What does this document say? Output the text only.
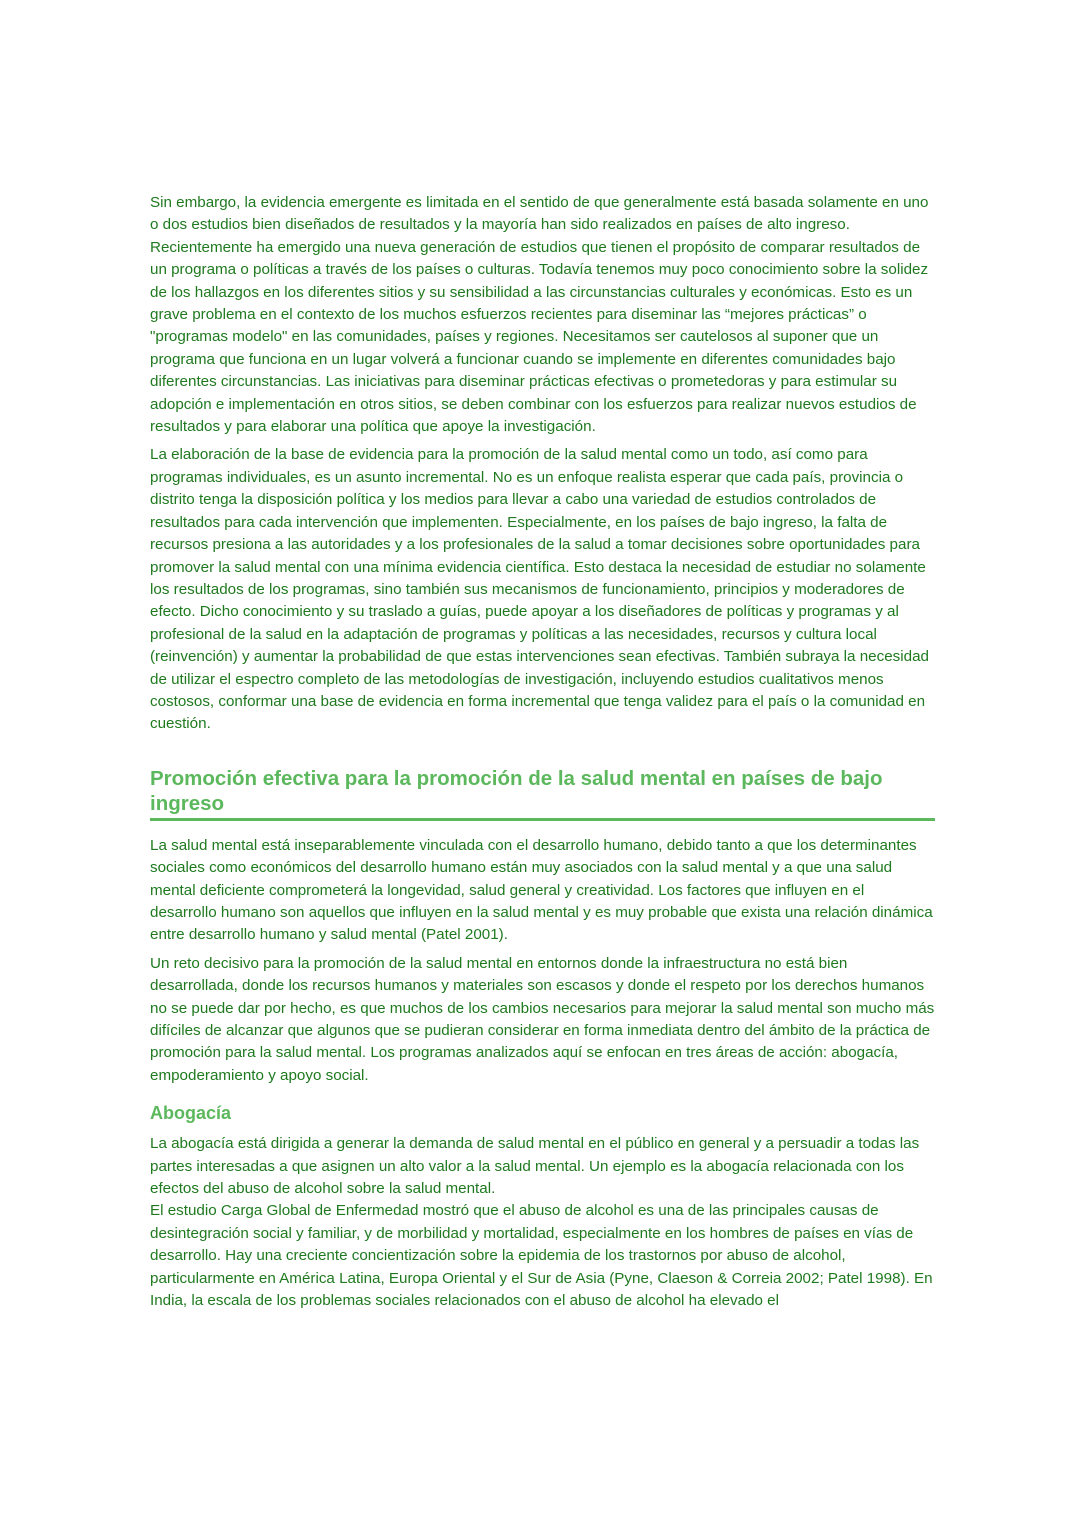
Sin embargo, la evidencia emergente es limitada en el sentido de que generalmente está basada solamente en uno o dos estudios bien diseñados de resultados y la mayoría han sido realizados en países de alto ingreso. Recientemente ha emergido una nueva generación de estudios que tienen el propósito de comparar resultados de un programa o políticas a través de los países o culturas. Todavía tenemos muy poco conocimiento sobre la solidez de los hallazgos en los diferentes sitios y su sensibilidad a las circunstancias culturales y económicas. Esto es un grave problema en el contexto de los muchos esfuerzos recientes para diseminar las “mejores prácticas” o "programas modelo" en las comunidades, países y regiones. Necesitamos ser cautelosos al suponer que un programa que funciona en un lugar volverá a funcionar cuando se implemente en diferentes comunidades bajo diferentes circunstancias. Las iniciativas para diseminar prácticas efectivas o prometedoras y para estimular su adopción e implementación en otros sitios, se deben combinar con los esfuerzos para realizar nuevos estudios de resultados y para elaborar una política que apoye la investigación.

La elaboración de la base de evidencia para la promoción de la salud mental como un todo, así como para programas individuales, es un asunto incremental. No es un enfoque realista esperar que cada país, provincia o distrito tenga la disposición política y los medios para llevar a cabo una variedad de estudios controlados de resultados para cada intervención que implementen. Especialmente, en los países de bajo ingreso, la falta de recursos presiona a las autoridades y a los profesionales de la salud a tomar decisiones sobre oportunidades para promover la salud mental con una mínima evidencia científica. Esto destaca la necesidad de estudiar no solamente los resultados de los programas, sino también sus mecanismos de funcionamiento, principios y moderadores de efecto. Dicho conocimiento y su traslado a guías, puede apoyar a los diseñadores de políticas y programas y al profesional de la salud en la adaptación de programas y políticas a las necesidades, recursos y cultura local (reinvención) y aumentar la probabilidad de que estas intervenciones sean efectivas. También subraya la necesidad de utilizar el espectro completo de las metodologías de investigación, incluyendo estudios cualitativos menos costosos, conformar una base de evidencia en forma incremental que tenga validez para el país o la comunidad en cuestión.

Promoción efectiva para la promoción de la salud mental en países de bajo ingreso

La salud mental está inseparablemente vinculada con el desarrollo humano, debido tanto a que los determinantes sociales como económicos del desarrollo humano están muy asociados con la salud mental y a que una salud mental deficiente comprometerá la longevidad, salud general y creatividad. Los factores que influyen en el desarrollo humano son aquellos que influyen en la salud mental y es muy probable que exista una relación dinámica entre desarrollo humano y salud mental (Patel 2001).

Un reto decisivo para la promoción de la salud mental en entornos donde la infraestructura no está bien desarrollada, donde los recursos humanos y materiales son escasos y donde el respeto por los derechos humanos no se puede dar por hecho, es que muchos de los cambios necesarios para mejorar la salud mental son mucho más difíciles de alcanzar que algunos que se pudieran considerar en forma inmediata dentro del ámbito de la práctica de promoción para la salud mental. Los programas analizados aquí se enfocan en tres áreas de acción: abogacía, empoderamiento y apoyo social.

Abogacía

La abogacía está dirigida a generar la demanda de salud mental en el público en general y a persuadir a todas las partes interesadas a que asignen un alto valor a la salud mental. Un ejemplo es la abogacía relacionada con los efectos del abuso de alcohol sobre la salud mental.

El estudio Carga Global de Enfermedad mostró que el abuso de alcohol es una de las principales causas de desintegración social y familiar, y de morbilidad y mortalidad, especialmente en los hombres de países en vías de desarrollo. Hay una creciente concientización sobre la epidemia de los trastornos por abuso de alcohol, particularmente en América Latina, Europa Oriental y el Sur de Asia (Pyne, Claeson & Correia 2002; Patel 1998). En India, la escala de los problemas sociales relacionados con el abuso de alcohol ha elevado el
